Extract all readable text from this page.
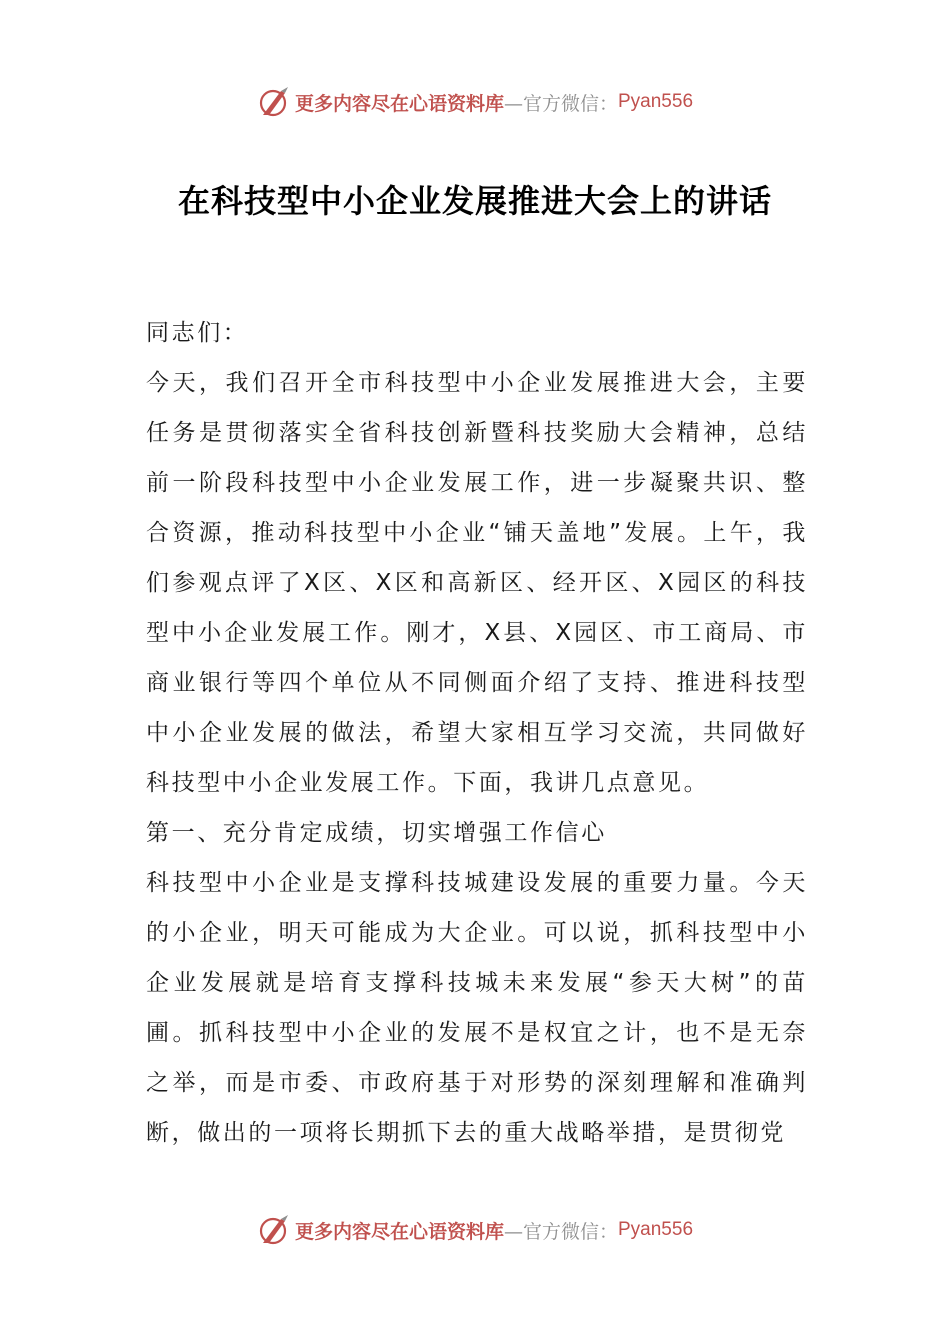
更多内容尽在心语资料库 —官方微信： Pyan556
在科技型中小企业发展推进大会上的讲话

同志们：

今天，我们召开全市科技型中小企业发展推进大会，主要任务是贯彻落实全省科技创新暨科技奖励大会精神，总结前一阶段科技型中小企业发展工作，进一步凝聚共识、整合资源，推动科技型中小企业“铺天盖地”发展。上午，我们参观点评了X区、X区和高新区、经开区、X园区的科技型中小企业发展工作。刚才，X县、X园区、市工商局、市商业银行等四个单位从不同侧面介绍了支持、推进科技型中小企业发展的做法，希望大家相互学习交流，共同做好科技型中小企业发展工作。下面，我讲几点意见。

第一、充分肯定成绩，切实增强工作信心

科技型中小企业是支撑科技城建设发展的重要力量。今天的小企业，明天可能成为大企业。可以说，抓科技型中小企业发展就是培育支撑科技城未来发展“参天大树”的苗圃。抓科技型中小企业的发展不是权宜之计，也不是无奈之举，而是市委、市政府基于对形势的深刻理解和准确判断，做出的一项将长期抓下去的重大战略举措，是贯彻党

更多内容尽在心语资料库 —官方微信： Pyan556
